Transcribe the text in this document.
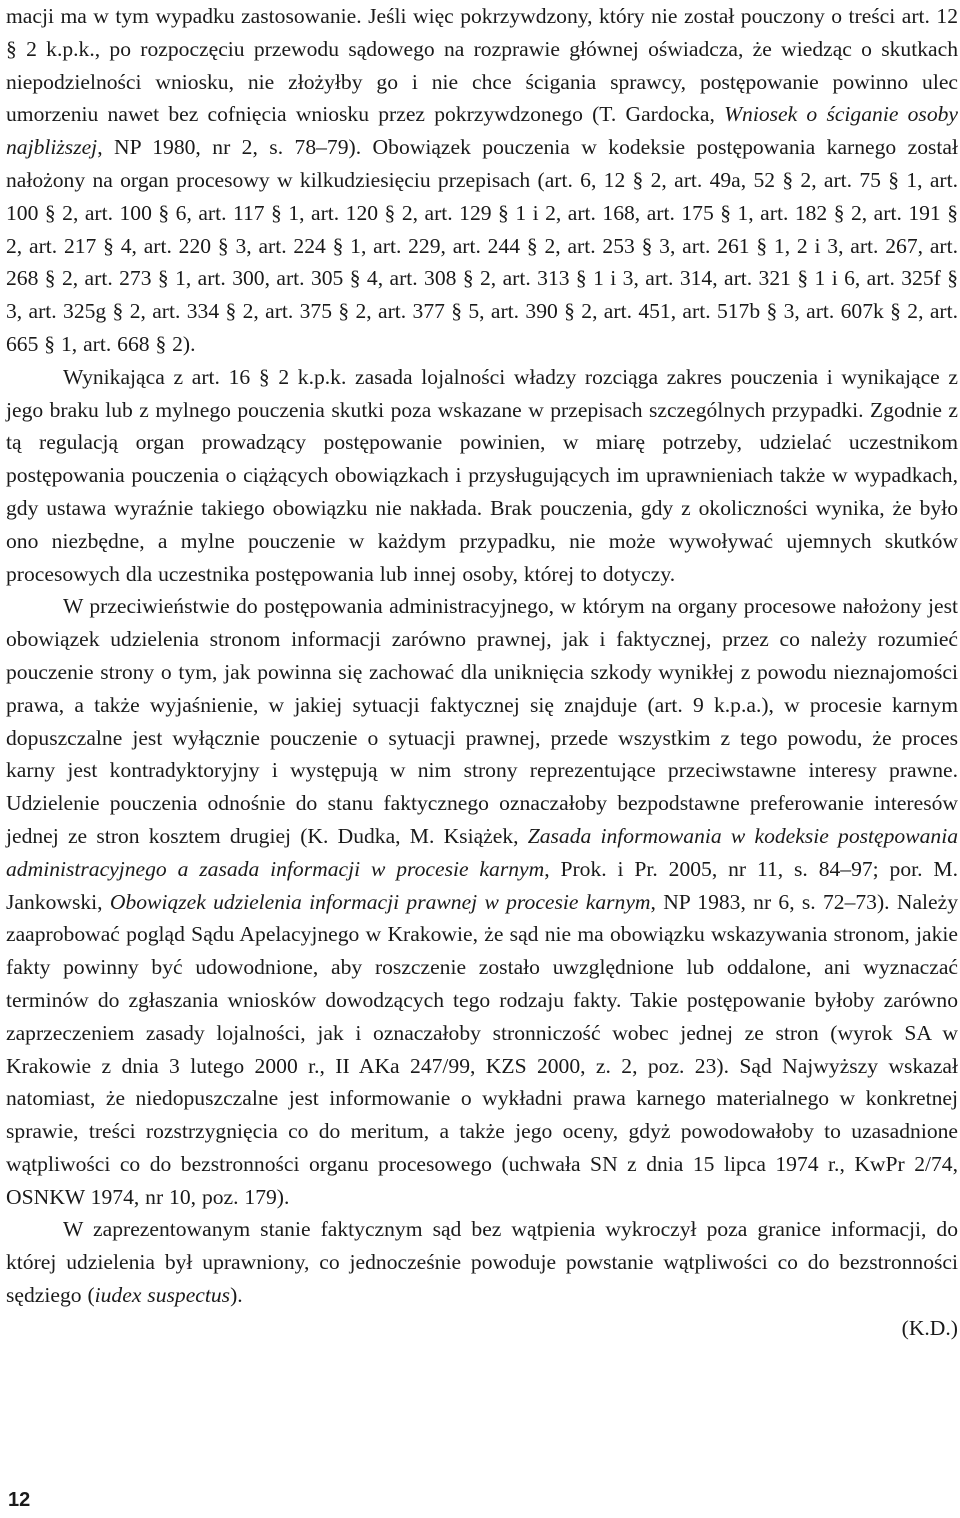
macji ma w tym wypadku zastosowanie. Jeśli więc pokrzywdzony, który nie został pouczony o treści art. 12 § 2 k.p.k., po rozpoczęciu przewodu sądowego na rozprawie głównej oświadcza, że wiedząc o skutkach niepodzielności wniosku, nie złożyłby go i nie chce ścigania sprawcy, postępowanie powinno ulec umorzeniu nawet bez cofnięcia wniosku przez pokrzywdzonego (T. Gardocka, Wniosek o ściganie osoby najbliższej, NP 1980, nr 2, s. 78–79). Obowiązek pouczenia w kodeksie postępowania karnego został nałożony na organ procesowy w kilkudziesięciu przepisach (art. 6, 12 § 2, art. 49a, 52 § 2, art. 75 § 1, art. 100 § 2, art. 100 § 6, art. 117 § 1, art. 120 § 2, art. 129 § 1 i 2, art. 168, art. 175 § 1, art. 182 § 2, art. 191 § 2, art. 217 § 4, art. 220 § 3, art. 224 § 1, art. 229, art. 244 § 2, art. 253 § 3, art. 261 § 1, 2 i 3, art. 267, art. 268 § 2, art. 273 § 1, art. 300, art. 305 § 4, art. 308 § 2, art. 313 § 1 i 3, art. 314, art. 321 § 1 i 6, art. 325f § 3, art. 325g § 2, art. 334 § 2, art. 375 § 2, art. 377 § 5, art. 390 § 2, art. 451, art. 517b § 3, art. 607k § 2, art. 665 § 1, art. 668 § 2).

Wynikająca z art. 16 § 2 k.p.k. zasada lojalności władzy rozciąga zakres pouczenia i wynikające z jego braku lub z mylnego pouczenia skutki poza wskazane w przepisach szczególnych przypadki. Zgodnie z tą regulacją organ prowadzący postępowanie powinien, w miarę potrzeby, udzielać uczestnikom postępowania pouczenia o ciążących obowiązkach i przysługujących im uprawnieniach także w wypadkach, gdy ustawa wyraźnie takiego obowiązku nie nakłada. Brak pouczenia, gdy z okoliczności wynika, że było ono niezbędne, a mylne pouczenie w każdym przypadku, nie może wywoływać ujemnych skutków procesowych dla uczestnika postępowania lub innej osoby, której to dotyczy.

W przeciwieństwie do postępowania administracyjnego, w którym na organy procesowe nałożony jest obowiązek udzielenia stronom informacji zarówno prawnej, jak i faktycznej, przez co należy rozumieć pouczenie strony o tym, jak powinna się zachować dla uniknięcia szkody wynikłej z powodu nieznajomości prawa, a także wyjaśnienie, w jakiej sytuacji faktycznej się znajduje (art. 9 k.p.a.), w procesie karnym dopuszczalne jest wyłącznie pouczenie o sytuacji prawnej, przede wszystkim z tego powodu, że proces karny jest kontradyktoryjny i występują w nim strony reprezentujące przeciwstawne interesy prawne. Udzielenie pouczenia odnośnie do stanu faktycznego oznaczałoby bezpodstawne preferowanie interesów jednej ze stron kosztem drugiej (K. Dudka, M. Książek, Zasada informowania w kodeksie postępowania administracyjnego a zasada informacji w procesie karnym, Prok. i Pr. 2005, nr 11, s. 84–97; por. M. Jankowski, Obowiązek udzielenia informacji prawnej w procesie karnym, NP 1983, nr 6, s. 72–73). Należy zaaprobować pogląd Sądu Apelacyjnego w Krakowie, że sąd nie ma obowiązku wskazywania stronom, jakie fakty powinny być udowodnione, aby roszczenie zostało uwzględnione lub oddalone, ani wyznaczać terminów do zgłaszania wniosków dowodzących tego rodzaju fakty. Takie postępowanie byłoby zarówno zaprzeczeniem zasady lojalności, jak i oznaczałoby stronniczość wobec jednej ze stron (wyrok SA w Krakowie z dnia 3 lutego 2000 r., II AKa 247/99, KZS 2000, z. 2, poz. 23). Sąd Najwyższy wskazał natomiast, że niedopuszczalne jest informowanie o wykładni prawa karnego materialnego w konkretnej sprawie, treści rozstrzygnięcia co do meritum, a także jego oceny, gdyż powodowałoby to uzasadnione wątpliwości co do bezstronności organu procesowego (uchwała SN z dnia 15 lipca 1974 r., KwPr 2/74, OSNKW 1974, nr 10, poz. 179).

W zaprezentowanym stanie faktycznym sąd bez wątpienia wykroczył poza granice informacji, do której udzielenia był uprawniony, co jednocześnie powoduje powstanie wątpliwości co do bezstronności sędziego (iudex suspectus).

(K.D.)

12
